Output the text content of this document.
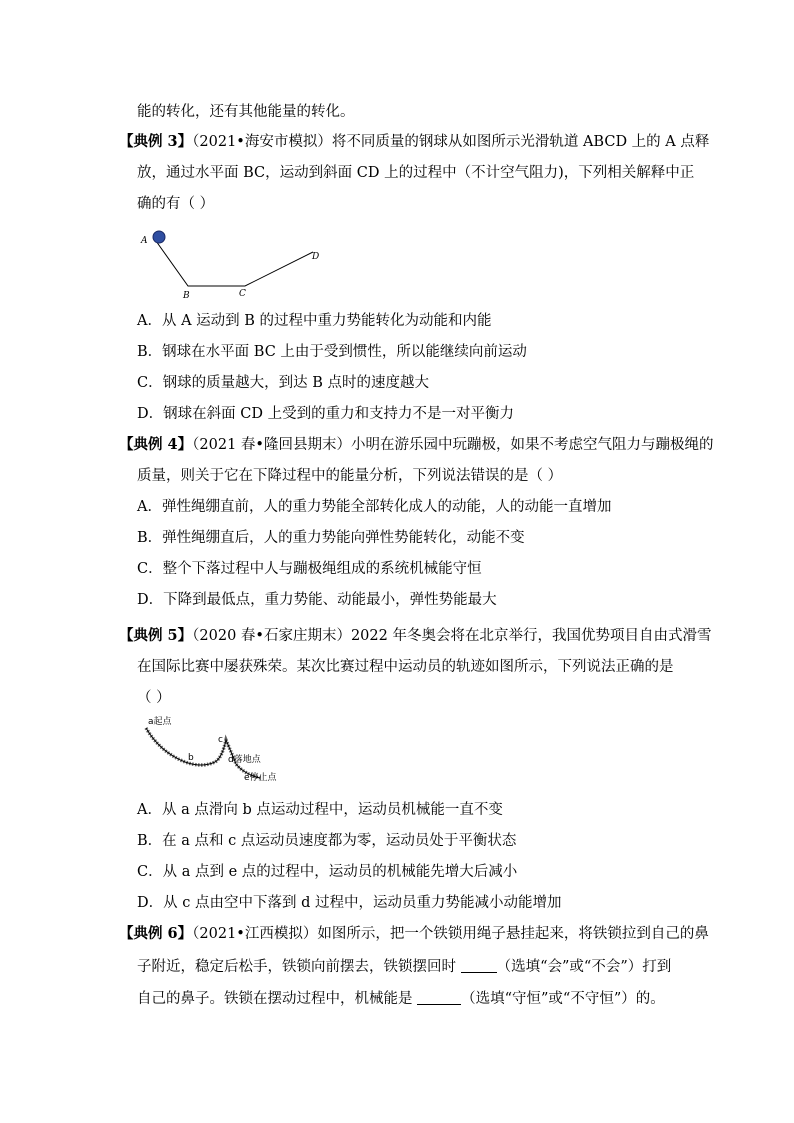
能的转化，还有其他能量的转化。
【典例 3】（2021•海安市模拟）将不同质量的钢球从如图所示光滑轨道 ABCD 上的 A 点释
放，通过水平面 BC，运动到斜面 CD 上的过程中（不计空气阻力)，下列相关解释中正
确的有（ ）
A
B	C
D
A．从 A 运动到 B 的过程中重力势能转化为动能和内能
B．钢球在水平面 BC 上由于受到惯性，所以能继续向前运动
C．钢球的质量越大，到达 B 点时的速度越大
D．钢球在斜面 CD 上受到的重力和支持力不是一对平衡力
【典例 4】（2021 春•隆回县期末）小明在游乐园中玩蹦极，如果不考虑空气阻力与蹦极绳的
质量，则关于它在下降过程中的能量分析，下列说法错误的是（ ）
A．弹性绳绷直前，人的重力势能全部转化成人的动能，人的动能一直增加
B．弹性绳绷直后，人的重力势能向弹性势能转化，动能不变
C．整个下落过程中人与蹦极绳组成的系统机械能守恒
D．下降到最低点，重力势能、动能最小，弹性势能最大
【典例 5】（2020 春•石家庄期末）2022 年冬奥会将在北京举行，我国优势项目自由式滑雪
在国际比赛中屡获殊荣。某次比赛过程中运动员的轨迹如图所示，下列说法正确的是
（ ）
a起点
b
c
d落地点
e停止点
A．从 a 点滑向 b 点运动过程中，运动员机械能一直不变
B．在 a 点和 c 点运动员速度都为零，运动员处于平衡状态
C．从 a 点到 e 点的过程中，运动员的机械能先增大后减小
D．从 c 点由空中下落到 d 过程中，运动员重力势能减小动能增加
【典例 6】（2021•江西模拟）如图所示，把一个铁锁用绳子悬挂起来，将铁锁拉到自己的鼻
子附近，稳定后松手，铁锁向前摆去，铁锁摆回时 （选填“会”或“不会”）打到
自己的鼻子。铁锁在摆动过程中，机械能是	（选填“守恒”或“不守恒”）的。
